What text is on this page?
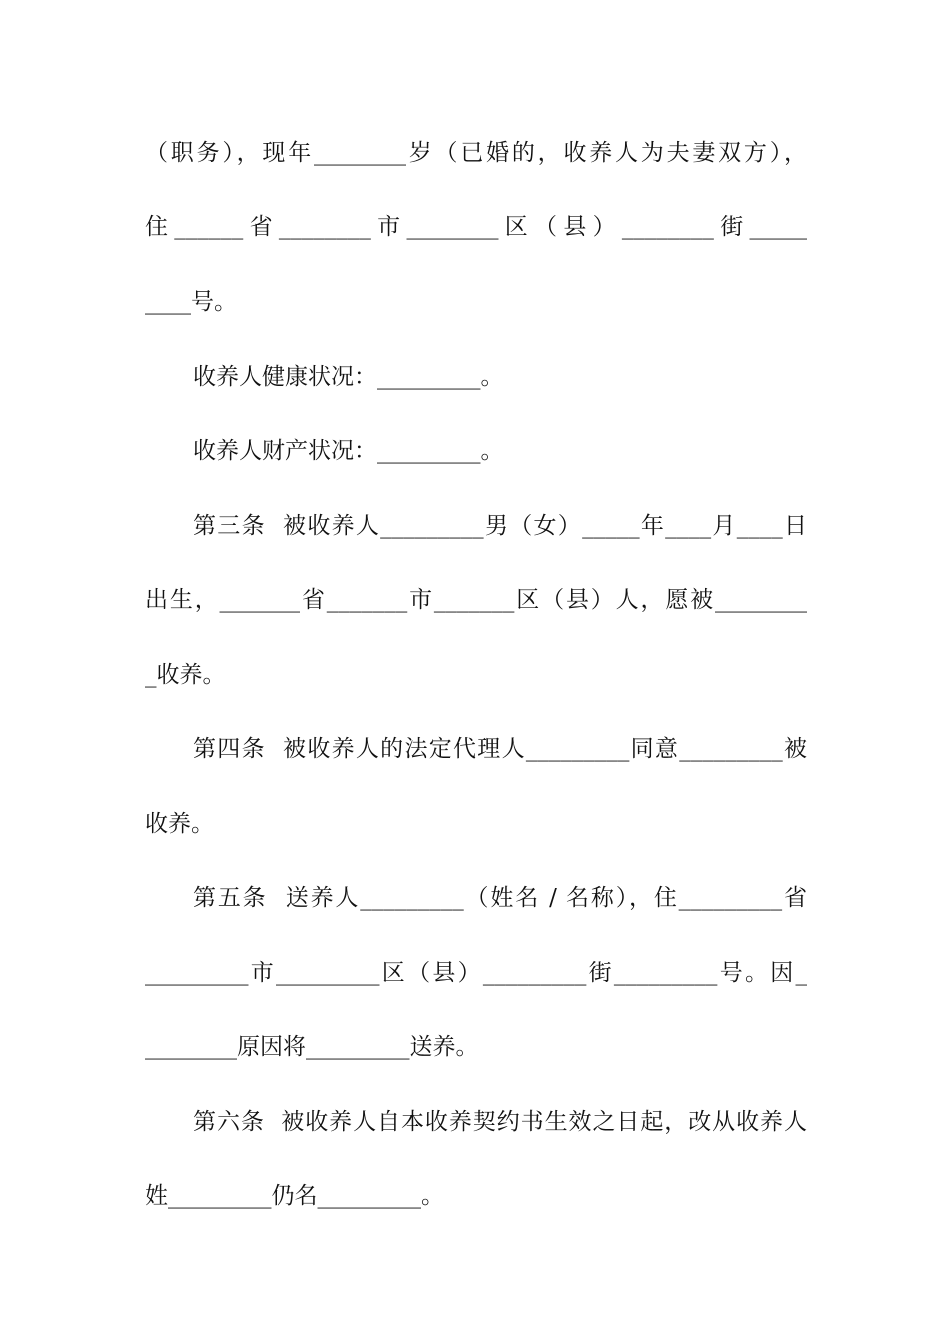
（职务），现年________岁（已婚的，收养人为夫妻双方），
住______省________市________区（县）________街_____
____号。
收养人健康状况：_________。
收养人财产状况：_________。
第三条  被收养人_________男（女）_____年____月____日
出生，_______省_______市_______区（县）人，愿被________
_收养。
第四条  被收养人的法定代理人_________同意_________被
收养。
第五条  送养人_________（姓名 / 名称），住_________省
_________市_________区（县）_________街_________号。因_
________原因将_________送养。
第六条  被收养人自本收养契约书生效之日起，改从收养人
姓_________仍名_________。
